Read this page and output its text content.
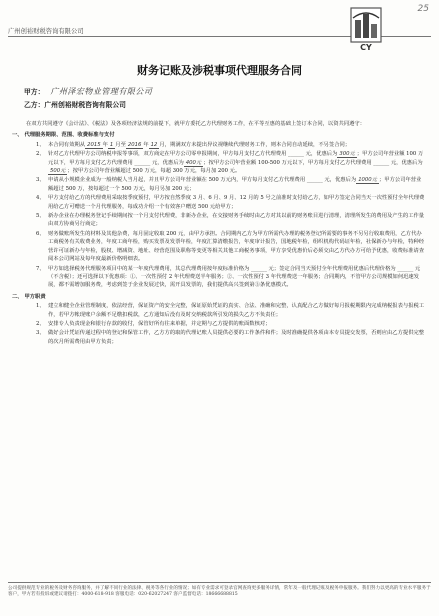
广州创裕财税咨询有限公司
25
CY
财务记账及涉税事项代理服务合同
甲方： 广州泽宏物业管理有限公司
乙方：广州创裕财税咨询有限公司

在双方共同遵守《会计法》、《税法》及各项经济法规的前提下，就甲方委托乙方代理财务工作，在平等互惠的基础上签订本合同，以资共同遵守：

一、 代理服务期限、范围、收费标准与支付

1、 本合同有效期从 2015 年 1 月至 2016 年 12 月，期满双方未提出异议视继续代理财务工作，则本合同自动延续，不另签合同；

2、 针对乙方代理甲方公司纳税申报等事项，双方商定在甲方公司零申报期间，甲方每月支付乙方代理费用 ______ 元，优惠后为 300元 ；甲方公司年营业额 100 万元以下，甲方每月支付乙方代理费用 ______ 元，优惠后为 400元 ；按甲方公司年营业额 100-500 万元以下，甲方每月支付乙方代理费用 ______ 元，优惠后为500元 ；按甲方公司年营业额超过 500 万元，每超 300 万元，每月加 200 元。

3、 申请从小规模企业成为一般纳税人当月起，并且甲方公司年营业额在 500 万元内，甲方每月支付乙方代理费用 ______ 元，优惠后为 1000元 ；甲方公司年营业额超过 500 万，按每超过一个 500 万元，每月另加 200 元；

4、 甲方支付给乙方的代理费用采取按季度预付，甲方按自然季度 3 月、6 月、9 月、12 月的 5 号之前准时支付给乙方，如甲方签定合同当天一次性预付全年代理费用给乙方可赠送一个月代理服务，每成功介绍一个有效客户赠送 500 元给甲方；

5、 新办企业在办理税务登记手续期间按一个月支付代理费，非新办企业，在交接财务手续时由乙方对其以前的财务账目进行清理，清理所发生的费用及产生的工作量由双方协商另行商定；

6、 财务做账所发生的材料及其他杂费，每月固定收取 200 元，由甲方承担。合同期内乙方为甲方所需代办理的税务登记所需要的事务不另另行收取费用，乙方代办工商税务有关收费业务，年度工商年检，购买发票及发票年检，年度汇算清缴报告，年度审计报告，国地税年检，组织机构代码证年检，社保新办与年检，特种经营许可证新办与年检，股权、增减资、地址、经营范围及职称等变更等相关其他工商税务事项，甲方享受优惠价后必须交由乙方代办方可给予优惠，收费标准请查阅本公司网站及每年度最新价格明细表。

7、 甲方如选择税务代理服务项目中的某一年度代理费用，其总代理费用按年度标准价格为 ______ 元；签定合同当天预付全年代理费用优惠后代理价格为 ______ 元（不含税）；还可选择以下优惠项：①、一次性预付 2 年代理费送半年服务；②、一次性预付 3 年代理费送一年服务；合同期内，不管甲方公司规模如何迅速发展，都不需增加服务费，考虑到签于企业发展过快，需开具发票的，我们提供高兴签到第③条优惠模式。

二、 甲方职责

1、 建立和健全企业管理制度，依法经营，保证资产的安全完整，保证原始凭证的真实、合法、准确和完整，认真配合乙方做好每月报税期限内完成纳税报表与报税工作，若甲方帐现账户余额不足缴扣税款，乙方通知后没有及时交纳税款所引发的损失乙方不负责任；

2、 安排专人负责现金和银行存款的收付，保管好所有往来单据，并定期与乙方提供的账面数核对；

3、 做好会计凭证传递过程中的登记和保管工作，乙方方的取的代理记账人员提供必要的工作条件和件；及时准确提供各项由本专员提交发票，否则应由乙方提供完整的次月所需费用由甲方负责；

公司提供规范专业的税务及财务咨询服务，并了解不同行业的法律、税务等各行业的情况；如有专业需求可登录官网查询更多服务详情，常年及一般代理记账及税务申报服务。我们努力以更高的专业水平服务于客户，甲方若有投诉或建议请拨打：4000-618-918 客服电话：020-62027247 客户监督电话：18666688815
